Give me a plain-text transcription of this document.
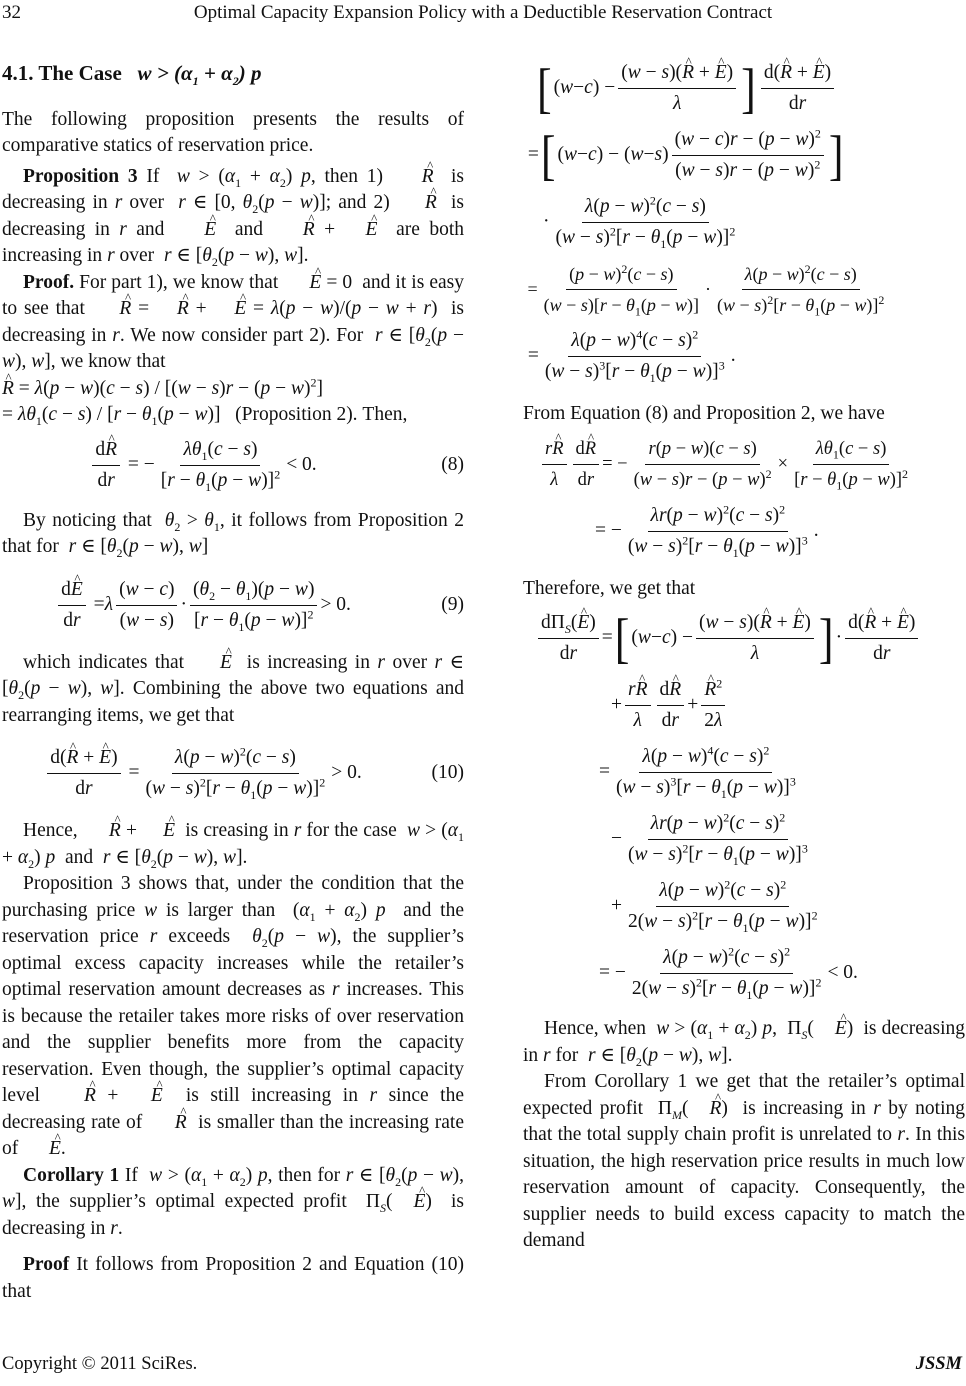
32	Optimal Capacity Expansion Policy with a Deductible Reservation Contract
4.1. The Case $w > (\alpha_1 + \alpha_2)$ p

The following proposition presents the results of comparative statics of reservation price.

Proposition 3 If  $w > (\alpha_1 + \alpha_2)$ p, then 1)  ^ R  is decreasing in r over  r ∈ [0, $\theta_2(p - w)$]; and 2)  ^ R  is decreasing in r and  ^ E  and  ^ R + ^ E  are both increasing in r over  r ∈ [$\theta_2(p - w)$, w].

Proof. For part 1), we know that  ^ E = 0  and it is easy to see that  ^ R = ^ R + ^ E = λ(p − w)/(p − w + r)  is decreasing in r. We now consider part 2). For  r ∈ [$\theta_2(p - w)$, w], we know that

^ $R = \lambda(p - w)(c - s) / [(w - s)r - (p - w)^2]$

= $\lambda\theta_1(c - s) / [r - \theta_1(p - w)]$   (Proposition 2). Then,

$\frac{d\^{} R}{dr}$ = − $\frac{\lambda\theta_1(c - s)}{[r - \theta_1(p - w)]^2} < 0$.	(8)

By noticing that  $\theta_2 > \theta_1$, it follows from Proposition 2 that for  r ∈ [$\theta_2(p - w)$, w]

$\frac{d\^{} E}{dr} = \lambda \frac{(w - c)}{(w - s)} \cdot \frac{(\theta_2 - \theta_1)(p - w)}{[r - \theta_1(p - w)]^2} > 0$.	(9)

which indicates that  ^ E  is increasing in r over r ∈ [$\theta_2(p - w)$, w]. Combining the above two equations and rearranging items, we get that

$\frac{d(\^{} R + \^{} E)}{dr} = \frac{\lambda(p - w)^2(c - s)}{(w - s)^2[r - \theta_1(p - w)]^2} > 0$.	(10)

Hence,  ^ R + ^ E  is creasing in r for the case  $w > (\alpha_1 + \alpha_2)$ p  and  r ∈ [$\theta_2(p - w)$, w].

Proposition 3 shows that, under the condition that the purchasing price w is larger than  $(\alpha_1 + \alpha_2)$ p  and the reservation price r exceeds  $\theta_2(p - w)$, the supplier’s optimal excess capacity increases while the retailer’s optimal reservation amount decreases as r increases. This is because the retailer takes more risks of over reservation and the supplier benefits more from the capacity reservation. Even though, the supplier’s optimal capacity level  ^ R + ^ E  is still increasing in r since the decreasing rate of  ^ R  is smaller than the increasing rate of  ^ E.

Corollary 1 If  $w > (\alpha_1 + \alpha_2)$ p, then for r ∈ [$\theta_2(p - w)$, w], the supplier’s optimal expected profit  $\Pi_S$( ^ E)  is decreasing in r.

Proof It follows from Proposition 2 and Equation (10) that

[ ( w − c ) − $\frac{(w - s)(\^{} R + \^{} E)}{\lambda}$ ] $\frac{d(\^{} R + \^{} E)}{dr}$
= [ ( w − c ) − ( w − s ) $\frac{(w - c)r - (p - w)^2}{(w - s)r - (p - w)^2}$ ]
· $\frac{\lambda(p - w)^2(c - s)}{(w - s)^2[r - \theta_1(p - w)]^2}$
= $\frac{(p - w)^2(c - s)}{(w - s)[r - \theta_1(p - w)]} \cdot \frac{\lambda(p - w)^2(c - s)}{(w - s)^2[r - \theta_1(p - w)]^2}$
= $\frac{\lambda(p - w)^4(c - s)^2}{(w - s)^3[r - \theta_1(p - w)]^3}$ .

From Equation (8) and Proposition 2, we have

$\frac{r\^{} R}{\lambda} \frac{d\^{} R}{dr}$ = − $\frac{r(p - w)(c - s)}{(w - s)r - (p - w)^2} \times \frac{\lambda\theta_1(c - s)}{[r - \theta_1(p - w)]^2}$
= − $\frac{\lambda r(p - w)^2(c - s)^2}{(w - s)^2[r - \theta_1(p - w)]^3}$ .

Therefore, we get that

$\frac{d\Pi_S(\^{} E)}{dr}$ = [ ( w − c ) − $\frac{(w - s)(\^{} R + \^{} E)}{\lambda}$ ] · $\frac{d(\^{} R + \^{} E)}{dr}$
+ $\frac{r\^{} R}{\lambda} \frac{d\^{} R}{dr}$ + ^ $\frac{R^2}{2\lambda}$
= $\frac{\lambda(p - w)^4(c - s)^2}{(w - s)^3[r - \theta_1(p - w)]^3}$
− $\frac{\lambda r(p - w)^2(c - s)^2}{(w - s)^2[r - \theta_1(p - w)]^3}$
+ $\frac{\lambda(p - w)^2(c - s)^2}{2(w - s)^2[r - \theta_1(p - w)]^2}$
= − $\frac{\lambda(p - w)^2(c - s)^2}{2(w - s)^2[r - \theta_1(p - w)]^2} < 0$.

Hence, when  $w > (\alpha_1 + \alpha_2)$ p,  $\Pi_S$( ^ E)  is decreasing in r for  r ∈ [$\theta_2(p - w)$, w].

From Corollary 1 we get that the retailer’s optimal expected profit  $\Pi_M$( ^ R)  is increasing in r by noting that the total supply chain profit is unrelated to r. In this situation, the high reservation price results in much low reservation amount of capacity. Consequently, the supplier needs to build excess capacity to match the demand

Copyright © 2011 SciRes.	JSSM
